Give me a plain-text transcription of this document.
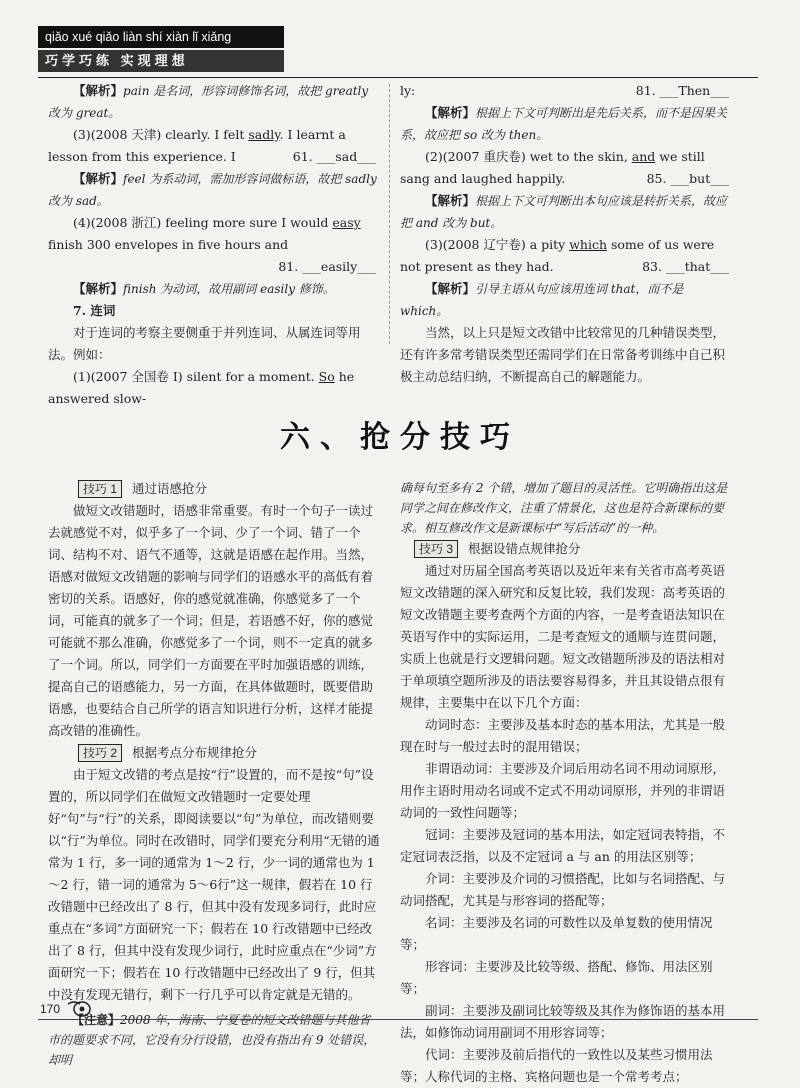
qiǎo xué qiǎo liàn shí xiàn lǐ xiǎng
巧学巧练 实现理想

【解析】pain 是名词，形容词修饰名词，故把 greatly 改为 great。

(3)(2008 天津) clearly. I felt sadly. I learnt a lesson from this experience. I	61. ___sad___

【解析】feel 为系动词，需加形容词做标语，故把 sadly 改为 sad。

(4)(2008 浙江) feeling more sure I would easy finish 300 envelopes in five hours and
81. ___easily___

【解析】finish 为动词，故用副词 easily 修饰。

7. 连词

对于连词的考察主要侧重于并列连词、从属连词等用法。例如：

(1)(2007 全国卷 I) silent for a moment. So he answered slow-

ly:	81. ___Then___

【解析】根据上下文可判断出是先后关系，而不是因果关系，故应把 so 改为 then。

(2)(2007 重庆卷) wet to the skin, and we still sang and laughed happily.	85. ___but___

【解析】根据上下文可判断出本句应该是转折关系，故应把 and 改为 but。

(3)(2008 辽宁卷) a pity which some of us were not present as they had.	83. ___that___

【解析】引导主语从句应该用连词 that，而不是 which。

当然，以上只是短文改错中比较常见的几种错误类型，还有许多常考错误类型还需同学们在日常备考训练中自己积极主动总结归纳，不断提高自己的解题能力。

六、抢分技巧

技巧 1 通过语感抢分

做短文改错题时，语感非常重要。有时一个句子一读过去就感觉不对，似乎多了一个词、少了一个词、错了一个词、结构不对、语气不通等，这就是语感在起作用。当然，语感对做短文改错题的影响与同学们的语感水平的高低有着密切的关系。语感好，你的感觉就准确，你感觉多了一个词，可能真的就多了一个词；但是，若语感不好，你的感觉可能就不那么准确，你感觉多了一个词，则不一定真的就多了一个词。所以，同学们一方面要在平时加强语感的训练，提高自己的语感能力，另一方面，在具体做题时，既要借助语感，也要结合自己所学的语言知识进行分析，这样才能提高改错的准确性。

技巧 2 根据考点分布规律抢分

由于短文改错的考点是按“行”设置的，而不是按“句”设置的，所以同学们在做短文改错题时一定要处理好“句”与“行”的关系，即阅读要以“句”为单位，而改错则要以“行”为单位。同时在改错时，同学们要充分利用“无错的通常为 1 行，多一词的通常为 1～2 行，少一词的通常也为 1～2 行，错一词的通常为 5～6行”这一规律，假若在 10 行改错题中已经改出了 8 行，但其中没有发现多词行，此时应重点在“多词”方面研究一下；假若在 10 行改错题中已经改出了 8 行，但其中没有发现少词行，此时应重点在“少词”方面研究一下；假若在 10 行改错题中已经改出了 9 行，但其中没有发现无错行，剩下一行几乎可以肯定就是无错的。

【注意】2008 年，海南、宁夏卷的短文改错题与其他省市的题要求不同，它没有分行设错，也没有指出有 9 处错误，却明

确每句至多有 2 个错，增加了题目的灵活性。它明确指出这是同学之间在修改作文，注重了情景化，这也是符合新课标的要求。相互修改作文是新课标中“写后活动”的一种。

技巧 3 根据设错点规律抢分

通过对历届全国高考英语以及近年来有关省市高考英语短文改错题的深入研究和反复比较，我们发现：高考英语的短文改错题主要考查两个方面的内容，一是考查语法知识在英语写作中的实际运用，二是考查短文的通顺与连贯问题，实质上也就是行文逻辑问题。短文改错题所涉及的语法相对于单项填空题所涉及的语法要容易得多，并且其设错点很有规律，主要集中在以下几个方面：

动词时态：主要涉及基本时态的基本用法，尤其是一般现在时与一般过去时的混用错误；

非谓语动词：主要涉及介词后用动名词不用动词原形，用作主语时用动名词或不定式不用动词原形，并列的非谓语动词的一致性问题等；

冠词：主要涉及冠词的基本用法，如定冠词表特指，不定冠词表泛指，以及不定冠词 a 与 an 的用法区别等；

介词：主要涉及介词的习惯搭配，比如与名词搭配、与动词搭配，尤其是与形容词的搭配等；

名词：主要涉及名词的可数性以及单复数的使用情况等；

形容词：主要涉及比较等级、搭配、修饰、用法区别等；

副词：主要涉及副词比较等级及其作为修饰语的基本用法，如修饰动词用副词不用形容词等；

代词：主要涉及前后指代的一致性以及某些习惯用法等；人称代词的主格、宾格问题也是一个常考考点；

170
